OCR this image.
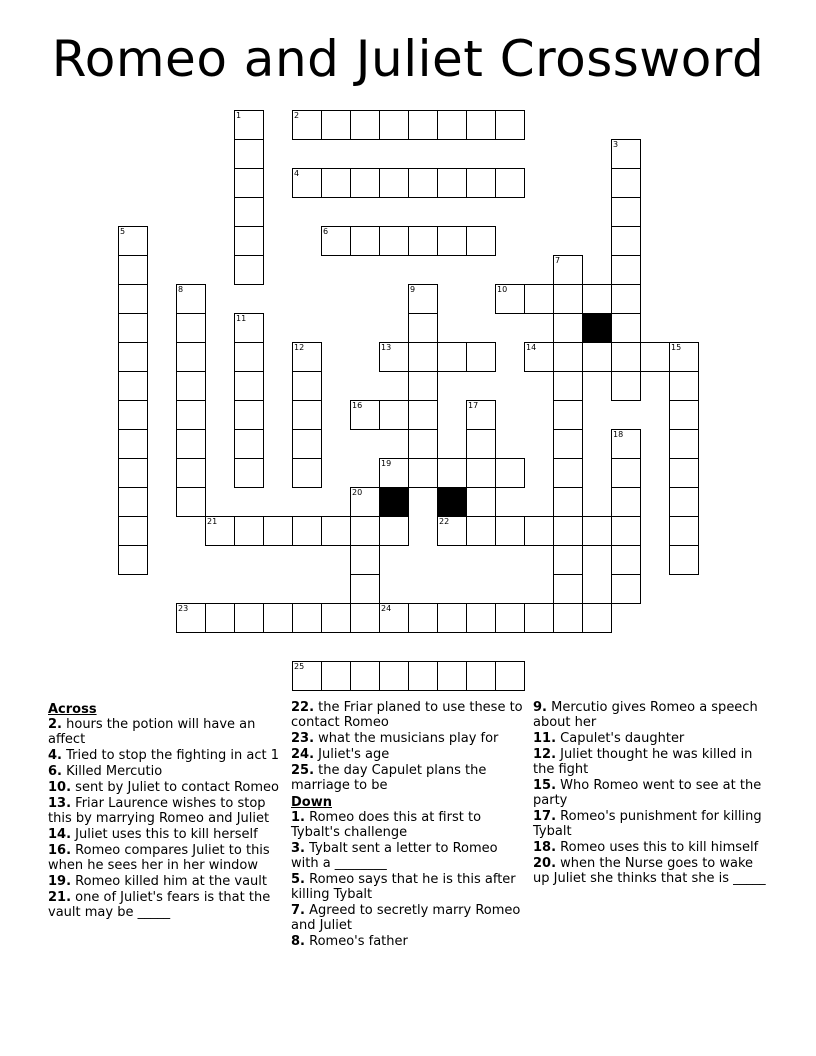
Romeo and Juliet Crossword
2
4
6
10
13	14	15
16
19
21	22
23	24
25
1
3
5
7
8	9
11
12
17
18
20
Across
2. hours the potion will have an affect
4. Tried to stop the fighting in act 1
6. Killed Mercutio
10. sent by Juliet to contact Romeo
13. Friar Laurence wishes to stop this by marrying Romeo and Juliet
14. Juliet uses this to kill herself
16. Romeo compares Juliet to this when he sees her in her window
19. Romeo killed him at the vault
21. one of Juliet's fears is that the vault may be _____
22. the Friar planed to use these to contact Romeo
23. what the musicians play for
24. Juliet's age
25. the day Capulet plans the marriage to be
Down
1. Romeo does this at first to Tybalt's challenge
3. Tybalt sent a letter to Romeo with a ________
5. Romeo says that he is this after killing Tybalt
7. Agreed to secretly marry Romeo and Juliet
8. Romeo's father
9. Mercutio gives Romeo a speech about her
11. Capulet's daughter
12. Juliet thought he was killed in the fight
15. Who Romeo went to see at the party
17. Romeo's punishment for killing Tybalt
18. Romeo uses this to kill himself
20. when the Nurse goes to wake up Juliet she thinks that she is _____
